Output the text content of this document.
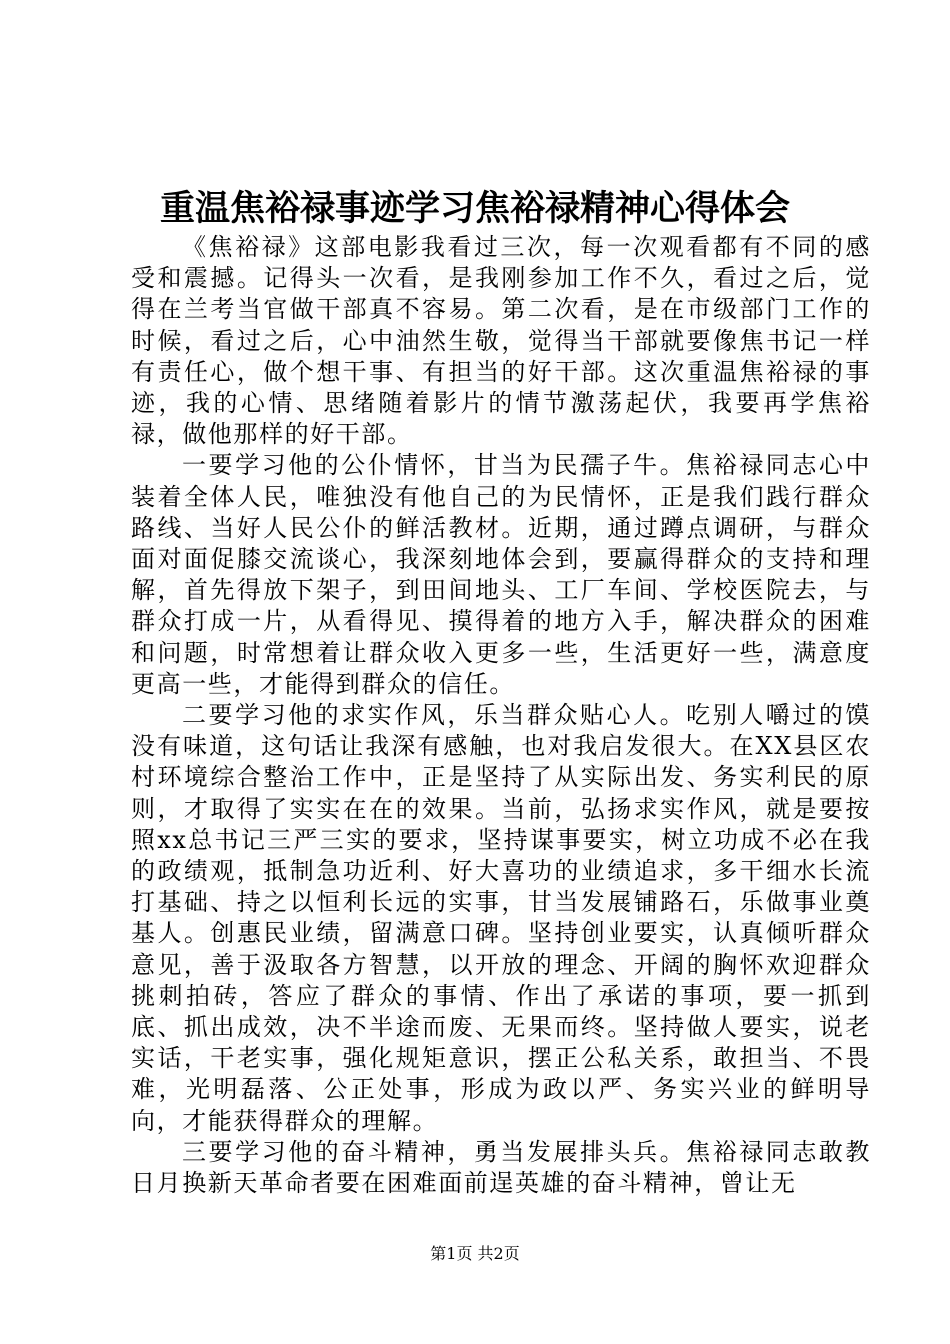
重温焦裕禄事迹学习焦裕禄精神心得体会

《焦裕禄》这部电影我看过三次，每一次观看都有不同的感受和震撼。记得头一次看，是我刚参加工作不久，看过之后，觉得在兰考当官做干部真不容易。第二次看，是在市级部门工作的时候，看过之后，心中油然生敬，觉得当干部就要像焦书记一样有责任心，做个想干事、有担当的好干部。这次重温焦裕禄的事迹，我的心情、思绪随着影片的情节激荡起伏，我要再学焦裕禄，做他那样的好干部。

一要学习他的公仆情怀，甘当为民孺子牛。焦裕禄同志心中装着全体人民，唯独没有他自己的为民情怀，正是我们践行群众路线、当好人民公仆的鲜活教材。近期，通过蹲点调研，与群众面对面促膝交流谈心，我深刻地体会到，要赢得群众的支持和理解，首先得放下架子，到田间地头、工厂车间、学校医院去，与群众打成一片，从看得见、摸得着的地方入手，解决群众的困难和问题，时常想着让群众收入更多一些，生活更好一些，满意度更高一些，才能得到群众的信任。

二要学习他的求实作风，乐当群众贴心人。吃别人嚼过的馍没有味道，这句话让我深有感触，也对我启发很大。在XX县区农村环境综合整治工作中，正是坚持了从实际出发、务实利民的原则，才取得了实实在在的效果。当前，弘扬求实作风，就是要按照xx总书记三严三实的要求，坚持谋事要实，树立功成不必在我的政绩观，抵制急功近利、好大喜功的业绩追求，多干细水长流打基础、持之以恒利长远的实事，甘当发展铺路石，乐做事业奠基人。创惠民业绩，留满意口碑。坚持创业要实，认真倾听群众意见，善于汲取各方智慧，以开放的理念、开阔的胸怀欢迎群众挑刺拍砖，答应了群众的事情、作出了承诺的事项，要一抓到底、抓出成效，决不半途而废、无果而终。坚持做人要实，说老实话，干老实事，强化规矩意识，摆正公私关系，敢担当、不畏难，光明磊落、公正处事，形成为政以严、务实兴业的鲜明导向，才能获得群众的理解。

三要学习他的奋斗精神，勇当发展排头兵。焦裕禄同志敢教日月换新天革命者要在困难面前逞英雄的奋斗精神，曾让无

第1页 共2页
